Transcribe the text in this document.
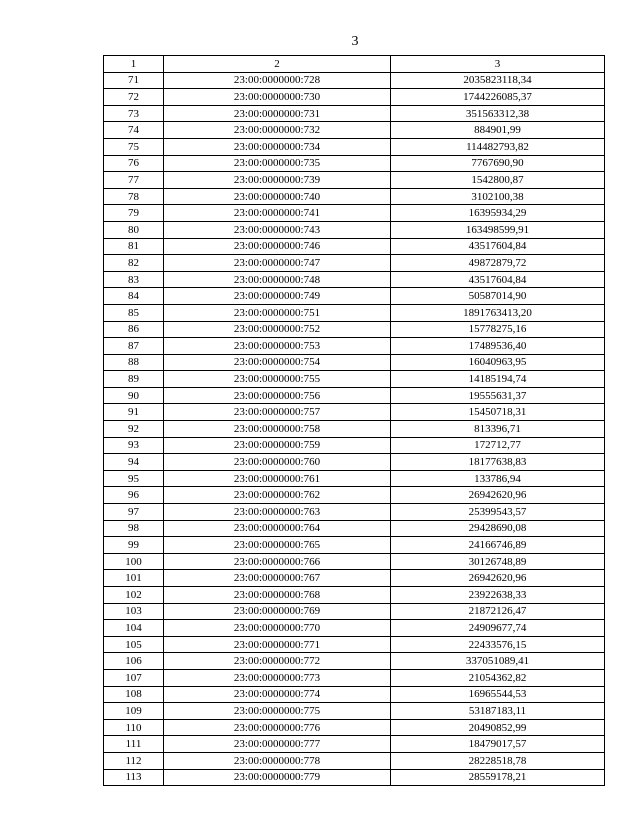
3
1	2	3
71	23:00:0000000:728	2035823118,34
72	23:00:0000000:730	1744226085,37
73	23:00:0000000:731	351563312,38
74	23:00:0000000:732	884901,99
75	23:00:0000000:734	114482793,82
76	23:00:0000000:735	7767690,90
77	23:00:0000000:739	1542800,87
78	23:00:0000000:740	3102100,38
79	23:00:0000000:741	16395934,29
80	23:00:0000000:743	163498599,91
81	23:00:0000000:746	43517604,84
82	23:00:0000000:747	49872879,72
83	23:00:0000000:748	43517604,84
84	23:00:0000000:749	50587014,90
85	23:00:0000000:751	1891763413,20
86	23:00:0000000:752	15778275,16
87	23:00:0000000:753	17489536,40
88	23:00:0000000:754	16040963,95
89	23:00:0000000:755	14185194,74
90	23:00:0000000:756	19555631,37
91	23:00:0000000:757	15450718,31
92	23:00:0000000:758	813396,71
93	23:00:0000000:759	172712,77
94	23:00:0000000:760	18177638,83
95	23:00:0000000:761	133786,94
96	23:00:0000000:762	26942620,96
97	23:00:0000000:763	25399543,57
98	23:00:0000000:764	29428690,08
99	23:00:0000000:765	24166746,89
100	23:00:0000000:766	30126748,89
101	23:00:0000000:767	26942620,96
102	23:00:0000000:768	23922638,33
103	23:00:0000000:769	21872126,47
104	23:00:0000000:770	24909677,74
105	23:00:0000000:771	22433576,15
106	23:00:0000000:772	337051089,41
107	23:00:0000000:773	21054362,82
108	23:00:0000000:774	16965544,53
109	23:00:0000000:775	53187183,11
110	23:00:0000000:776	20490852,99
111	23:00:0000000:777	18479017,57
112	23:00:0000000:778	28228518,78
113	23:00:0000000:779	28559178,21
